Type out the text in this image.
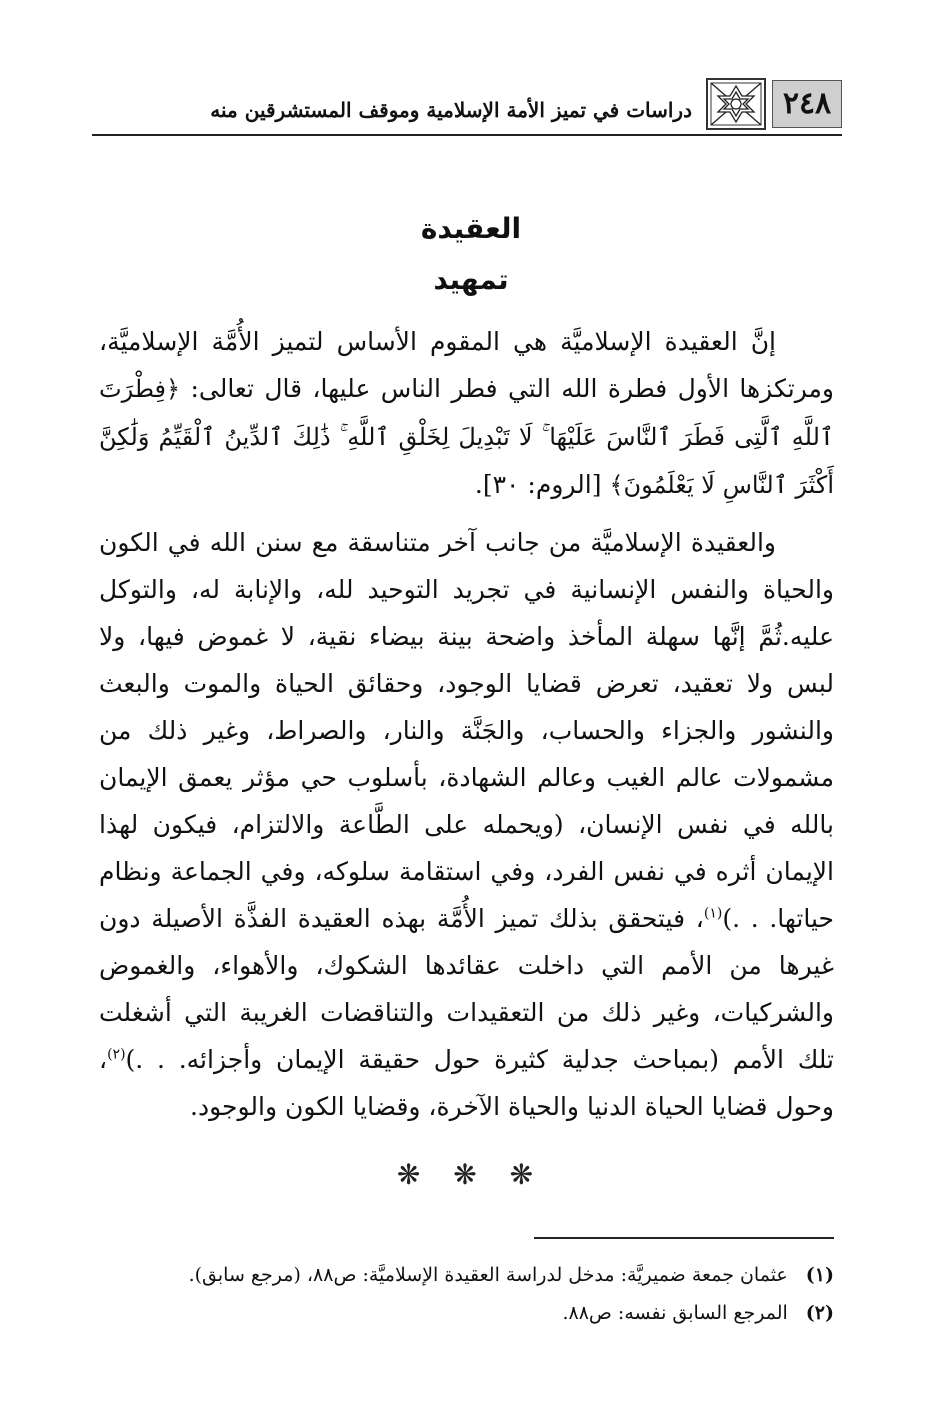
٢٤٨
دراسات في تميز الأمة الإسلامية وموقف المستشرقين منه
العقيدة
تمهيد

إنَّ العقيدة الإسلاميَّة هي المقوم الأساس لتميز الأُمَّة الإسلاميَّة، ومرتكزها الأول فطرة الله التي فطر الناس عليها، قال تعالى: ﴿فِطْرَتَ ٱللَّهِ ٱلَّتِى فَطَرَ ٱلنَّاسَ عَلَيْهَا ۚ لَا تَبْدِيلَ لِخَلْقِ ٱللَّهِ ۚ ذَٰلِكَ ٱلدِّينُ ٱلْقَيِّمُ وَلَٰكِنَّ أَكْثَرَ ٱلنَّاسِ لَا يَعْلَمُونَ﴾ [الروم: ٣٠].

والعقيدة الإسلاميَّة من جانب آخر متناسقة مع سنن الله في الكون والحياة والنفس الإنسانية في تجريد التوحيد لله، والإنابة له، والتوكل عليه.ثُمَّ إنَّها سهلة المأخذ واضحة بينة بيضاء نقية، لا غموض فيها، ولا لبس ولا تعقيد، تعرض قضايا الوجود، وحقائق الحياة والموت والبعث والنشور والجزاء والحساب، والجَنَّة والنار، والصراط، وغير ذلك من مشمولات عالم الغيب وعالم الشهادة، بأسلوب حي مؤثر يعمق الإيمان بالله في نفس الإنسان، (ويحمله على الطَّاعة والالتزام، فيكون لهذا الإيمان أثره في نفس الفرد، وفي استقامة سلوكه، وفي الجماعة ونظام حياتها. . .)$^{(١)}$، فيتحقق بذلك تميز الأُمَّة بهذه العقيدة الفذَّة الأصيلة دون غيرها من الأمم التي داخلت عقائدها الشكوك، والأهواء، والغموض والشركيات، وغير ذلك من التعقيدات والتناقضات الغريبة التي أشغلت تلك الأمم (بمباحث جدلية كثيرة حول حقيقة الإيمان وأجزائه. . .)$^{(٢)}$، وحول قضايا الحياة الدنيا والحياة الآخرة، وقضايا الكون والوجود.

❋ ❋ ❋
(١)
عثمان جمعة ضميريَّة: مدخل لدراسة العقيدة الإسلاميَّة: ص٨٨، (مرجع سابق).
(٢)
المرجع السابق نفسه: ص٨٨.
